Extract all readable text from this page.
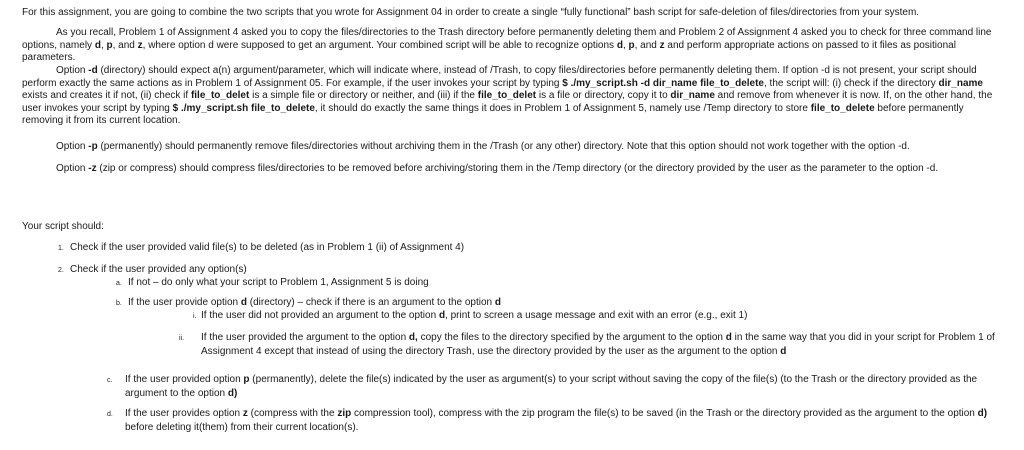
For this assignment, you are going to combine the two scripts that you wrote for Assignment 04 in order to create a single “fully functional” bash script for safe-deletion of files/directories from your system.

As you recall, Problem 1 of Assignment 4 asked you to copy the files/directories to the Trash directory before permanently deleting them and Problem 2 of Assignment 4 asked you to check for three command line options, namely d, p, and z, where option d were supposed to get an argument. Your combined script will be able to recognize options d, p, and z and perform appropriate actions on passed to it files as positional parameters.

Option -d (directory) should expect a(n) argument/parameter, which will indicate where, instead of /Trash, to copy files/directories before permanently deleting them. If option -d is not present, your script should perform exactly the same actions as in Problem 1 of Assignment 05. For example, if the user invokes your script by typing $ ./my_script.sh -d dir_name file_to_delete, the script will: (i) check if the directory dir_name exists and creates it if not, (ii) check if file_to_delet is a simple file or directory or neither, and (iii) if the file_to_delet is a file or directory, copy it to dir_name and remove from whenever it is now. If, on the other hand, the user invokes your script by typing $ ./my_script.sh file_to_delete, it should do exactly the same things it does in Problem 1 of Assignment 5, namely use /Temp directory to store file_to_delete before permanently removing it from its current location.

Option -p (permanently) should permanently remove files/directories without archiving them in the /Trash (or any other) directory. Note that this option should not work together with the option -d.

Option -z (zip or compress) should compress files/directories to be removed before archiving/storing them in the /Temp directory (or the directory provided by the user as the parameter to the option -d.

Your script should:

1. Check if the user provided valid file(s) to be deleted (as in Problem 1 (ii) of Assignment 4)

2. Check if the user provided any option(s)

a. If not – do only what your script to Problem 1, Assignment 5 is doing

b. If the user provide option d (directory) – check if there is an argument to the option d

i. If the user did not provided an argument to the option d, print to screen a usage message and exit with an error (e.g., exit 1)

ii. If the user provided the argument to the option d, copy the files to the directory specified by the argument to the option d in the same way that you did in your script for Problem 1 of Assignment 4 except that instead of using the directory Trash, use the directory provided by the user as the argument to the option d

c. If the user provided option p (permanently), delete the file(s) indicated by the user as argument(s) to your script without saving the copy of the file(s) (to the Trash or the directory provided as the argument to the option d)

d. If the user provides option z (compress with the zip compression tool), compress with the zip program the file(s) to be saved (in the Trash or the directory provided as the argument to the option d) before deleting it(them) from their current location(s).
